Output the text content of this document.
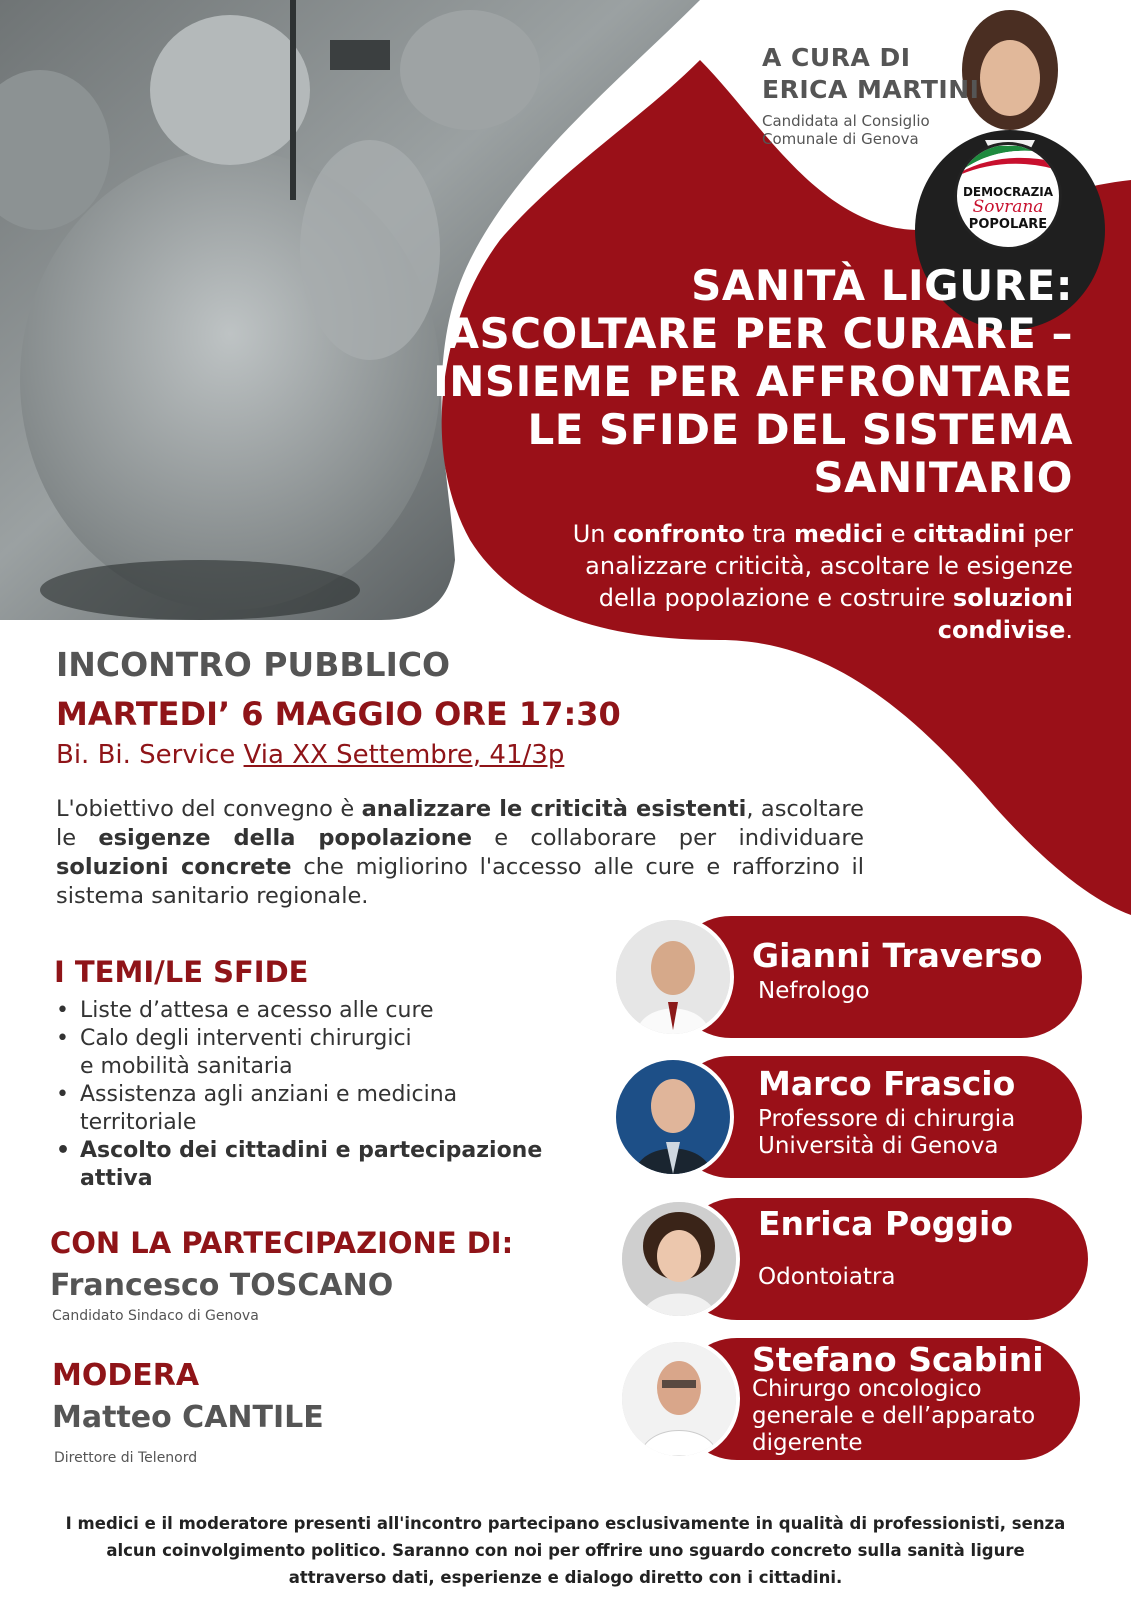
A CURA DI
ERICA MARTINI
Candidata al Consiglio
Comunale di Genova
DEMOCRAZIA
Sovrana
POPOLARE
SANITÀ LIGURE:
ASCOLTARE PER CURARE –
INSIEME PER AFFRONTARE
LE SFIDE DEL SISTEMA
SANITARIO
Un confronto tra medici e cittadini per analizzare criticità, ascoltare le esigenze della popolazione e costruire soluzioni condivise.
INCONTRO PUBBLICO
MARTEDI’ 6 MAGGIO ORE 17:30
Bi. Bi. Service Via XX Settembre, 41/3p
L'obiettivo del convegno è analizzare le criticità esistenti, ascoltare le esigenze della popolazione e collaborare per individuare soluzioni concrete che migliorino l'accesso alle cure e rafforzino il sistema sanitario regionale.
I TEMI/LE SFIDE
• Liste d’attesa e acesso alle cure
• Calo degli interventi chirurgici
e mobilità sanitaria
• Assistenza agli anziani e medicina territoriale
• Ascolto dei cittadini e partecipazione attiva
CON LA PARTECIPAZIONE DI:
Francesco TOSCANO
Candidato Sindaco di Genova
MODERA
Matteo CANTILE
Direttore di Telenord
Gianni Traverso
Nefrologo
Marco Frascio
Professore di chirurgia
Università di Genova
Enrica Poggio
Odontoiatra
Stefano Scabini
Chirurgo oncologico
generale e dell’apparato
digerente
I medici e il moderatore presenti all'incontro partecipano esclusivamente in qualità di professionisti, senza alcun coinvolgimento politico. Saranno con noi per offrire uno sguardo concreto sulla sanità ligure attraverso dati, esperienze e dialogo diretto con i cittadini.
